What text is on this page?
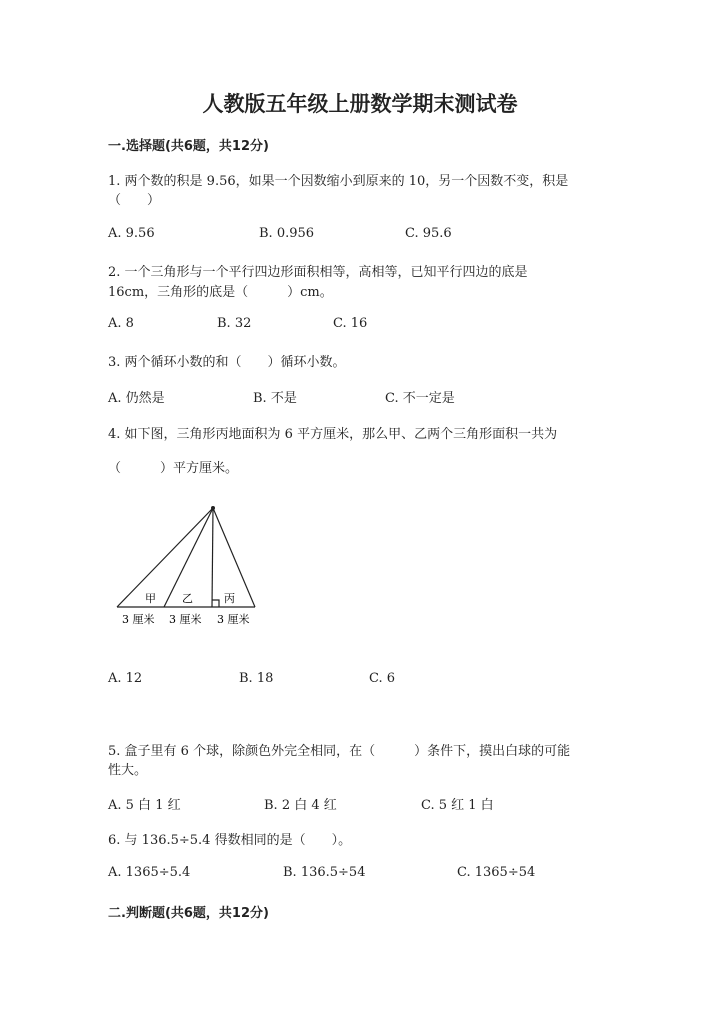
人教版五年级上册数学期末测试卷
一.选择题(共6题，共12分)
1. 两个数的积是 9.56，如果一个因数缩小到原来的 10，另一个因数不变，积是
（　　）
A. 9.56	B. 0.956	C. 95.6
2. 一个三角形与一个平行四边形面积相等，高相等，已知平行四边的底是
16cm，三角形的底是（　　　）cm。
A. 8	B. 32	C. 16
3. 两个循环小数的和（　　）循环小数。
A. 仍然是	B. 不是	C. 不一定是
4. 如下图，三角形丙地面积为 6 平方厘米，那么甲、乙两个三角形面积一共为
（　　　）平方厘米。
甲 乙	丙
3 厘米 3 厘米 3 厘米
A. 12	B. 18	C. 6
5. 盒子里有 6 个球，除颜色外完全相同，在（　　　）条件下，摸出白球的可能
性大。
A. 5 白 1 红	B. 2 白 4 红	C. 5 红 1 白
6. 与 136.5÷5.4 得数相同的是（　　）。
A. 1365÷5.4	B. 136.5÷54	C. 1365÷54
二.判断题(共6题，共12分)
